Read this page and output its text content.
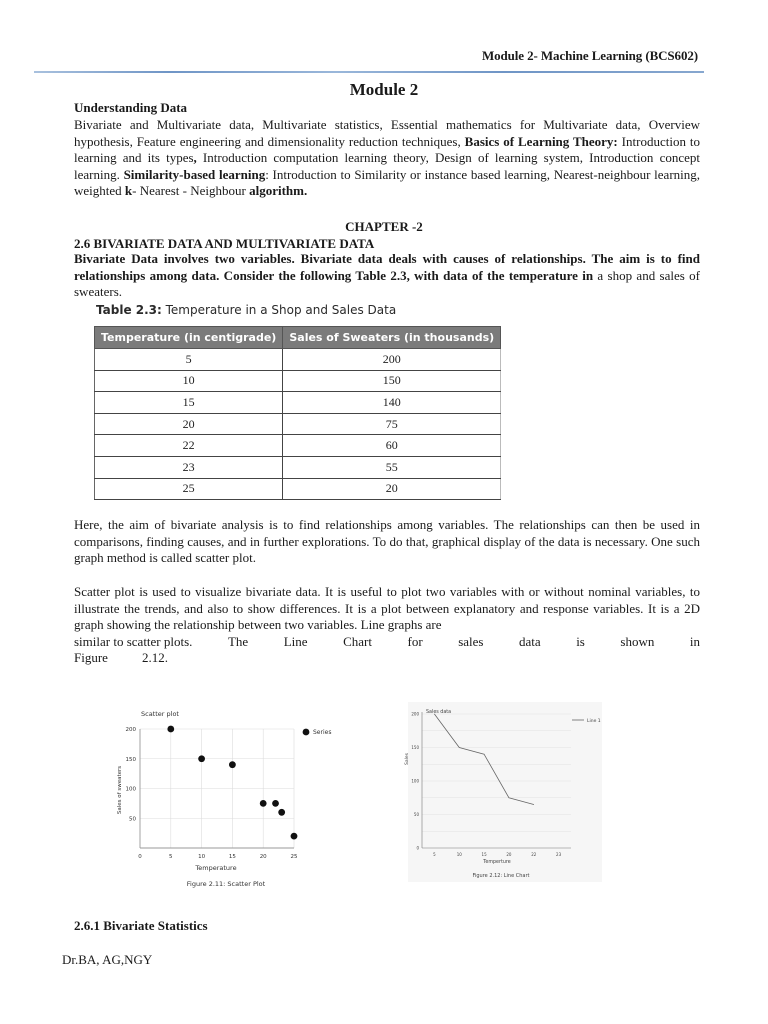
Module 2- Machine Learning (BCS602)
Module 2
Understanding Data
Bivariate and Multivariate data, Multivariate statistics, Essential mathematics for Multivariate data, Overview hypothesis, Feature engineering and dimensionality reduction techniques, Basics of Learning Theory: Introduction to learning and its types, Introduction computation learning theory, Design of learning system, Introduction concept learning. Similarity-based learning: Introduction to Similarity or instance based learning, Nearest-neighbour learning, weighted k- Nearest - Neighbour algorithm.
CHAPTER -2
2.6 BIVARIATE DATA AND MULTIVARIATE DATA
Bivariate Data involves two variables. Bivariate data deals with causes of relationships. The aim is to find relationships among data. Consider the following Table 2.3, with data of the temperature in a shop and sales of sweaters.
Table 2.3: Temperature in a Shop and Sales Data
Temperature (in centigrade)	Sales of Sweaters (in thousands)
5	200
10	150
15	140
20	75
22	60
23	55
25	20
Here, the aim of bivariate analysis is to find relationships among variables. The relationships can then be used in comparisons, finding causes, and in further explorations. To do that, graphical display of the data is necessary. One such graph method is called scatter plot.
Scatter plot is used to visualize bivariate data. It is useful to plot two variables with or without nominal variables, to illustrate the trends, and also to show differences. It is a plot between explanatory and response variables. It is a 2D graph showing the relationship between two variables. Line graphs are
similar to scatter plots.	The	Line	Chart	for	sales	data	is	shown	in
Figure	2.12.
Scatter plot
50
100
150
200
0	5	10	15	20	25
Temperature
Sales of sweaters
Series
Figure 2.11: Scatter Plot
Sales data
0
50
100
150
200
5	10	15	20	22	23
Line 1
Temperture
Sales
Figure 2.12: Line Chart
2.6.1 Bivariate Statistics
Dr.BA, AG,NGY
